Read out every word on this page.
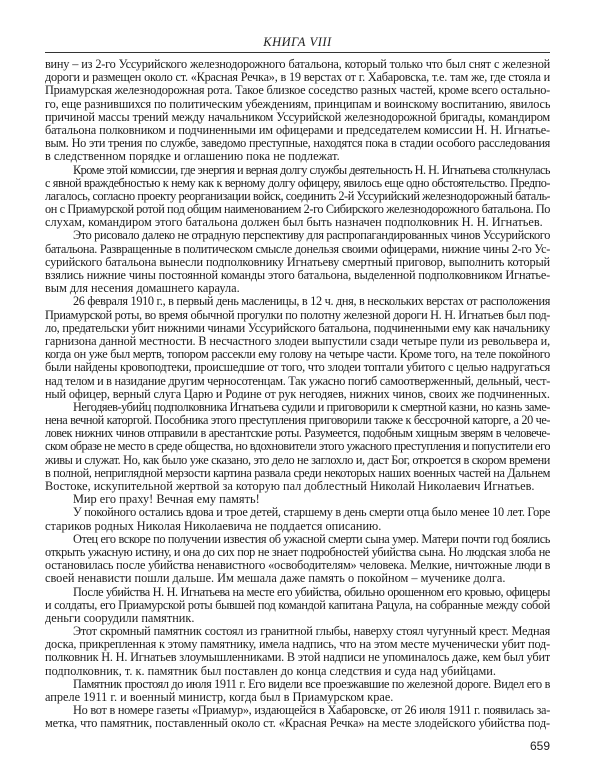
КНИГА VIII
вину – из 2-го Уссурийского железнодорожного батальона, который только что был снят с железной
дороги и размещен около ст. «Красная Речка», в 19 верстах от г. Хабаровска, т.е. там же, где стояла и
Приамурская железнодорожная рота. Такое близкое соседство разных частей, кроме всего остально-
го, еще разнившихся по политическим убеждениям, принципам и воинскому воспитанию, явилось
причиной массы трений между начальником Уссурийской железнодорожной бригады, командиром
батальона полковником и подчиненными им офицерами и председателем комиссии Н. Н. Игнатье-
вым. Но эти трения по службе, заведомо преступные, находятся пока в стадии особого расследования
в следственном порядке и оглашению пока не подлежат.
Кроме этой комиссии, где энергия и верная долгу службы деятельность Н. Н. Игнатьева столкнулась
с явной враждебностью к нему как к верному долгу офицеру, явилось еще одно обстоятельство. Предпо-
лагалось, согласно проекту реорганизации войск, соединить 2-й Уссурийский железнодорожный баталь-
он с Приамурской ротой под общим наименованием 2-го Сибирского железнодорожного батальона. По
слухам, командиром этого батальона должен был быть назначен подполковник Н. Н. Игнатьев.
Это рисовало далеко не отрадную перспективу для распропагандированных чинов Уссурийского
батальона. Развращенные в политическом смысле донельзя своими офицерами, нижние чины 2-го Ус-
сурийского батальона вынесли подполковнику Игнатьеву смертный приговор, выполнить который
взялись нижние чины постоянной команды этого батальона, выделенной подполковником Игнатье-
вым для несения домашнего караула.
26 февраля 1910 г., в первый день масленицы, в 12 ч. дня, в нескольких верстах от расположения
Приамурской роты, во время обычной прогулки по полотну железной дороги Н. Н. Игнатьев был под-
ло, предательски убит нижними чинами Уссурийского батальона, подчиненными ему как начальнику
гарнизона данной местности. В несчастного злодеи выпустили сзади четыре пули из револьвера и,
когда он уже был мертв, топором рассекли ему голову на четыре части. Кроме того, на теле покойного
были найдены кровоподтеки, происшедшие от того, что злодеи топтали убитого с целью надругаться
над телом и в назидание другим черносотенцам. Так ужасно погиб самоотверженный, дельный, чест-
ный офицер, верный слуга Царю и Родине от рук негодяев, нижних чинов, своих же подчиненных.
Негодяев-убийц подполковника Игнатьева судили и приговорили к смертной казни, но казнь заме-
нена вечной каторгой. Пособника этого преступления приговорили также к бессрочной каторге, а 20 че-
ловек нижних чинов отправили в арестантские роты. Разумеется, подобным хищным зверям в человече-
ском образе не место в среде общества, но вдохновители этого ужасного преступления и попустители его
живы и служат. Но, как было уже сказано, это дело не заглохло и, даст Бог, откроется в скором времени
в полной, неприглядной мерзости картина развала среди некоторых наших военных частей на Дальнем
Востоке, искупительной жертвой за которую пал доблестный Николай Николаевич Игнатьев.
Мир его праху! Вечная ему память!
У покойного остались вдова и трое детей, старшему в день смерти отца было менее 10 лет. Горе
стариков родных Николая Николаевича не поддается описанию.
Отец его вскоре по получении известия об ужасной смерти сына умер. Матери почти год боялись
открыть ужасную истину, и она до сих пор не знает подробностей убийства сына. Но людская злоба не
остановилась после убийства ненавистного «освободителям» человека. Мелкие, ничтожные люди в
своей ненависти пошли дальше. Им мешала даже память о покойном – мученике долга.
После убийства Н. Н. Игнатьева на месте его убийства, обильно орошенном его кровью, офицеры
и солдаты, его Приамурской роты бывшей под командой капитана Рацула, на собранные между собой
деньги соорудили памятник.
Этот скромный памятник состоял из гранитной глыбы, наверху стоял чугунный крест. Медная
доска, прикрепленная к этому памятнику, имела надпись, что на этом месте мученически убит под-
полковник Н. Н. Игнатьев злоумышленниками. В этой надписи не упоминалось даже, кем был убит
подполковник, т. к. памятник был поставлен до конца следствия и суда над убийцами.
Памятник простоял до июля 1911 г. Его видели все проезжавшие по железной дороге. Видел его в
апреле 1911 г. и военный министр, когда был в Приамурском крае.
Но вот в номере газеты «Приамур», издающейся в Хабаровске, от 26 июля 1911 г. появилась за-
метка, что памятник, поставленный около ст. «Красная Речка» на месте злодейского убийства под-
659
